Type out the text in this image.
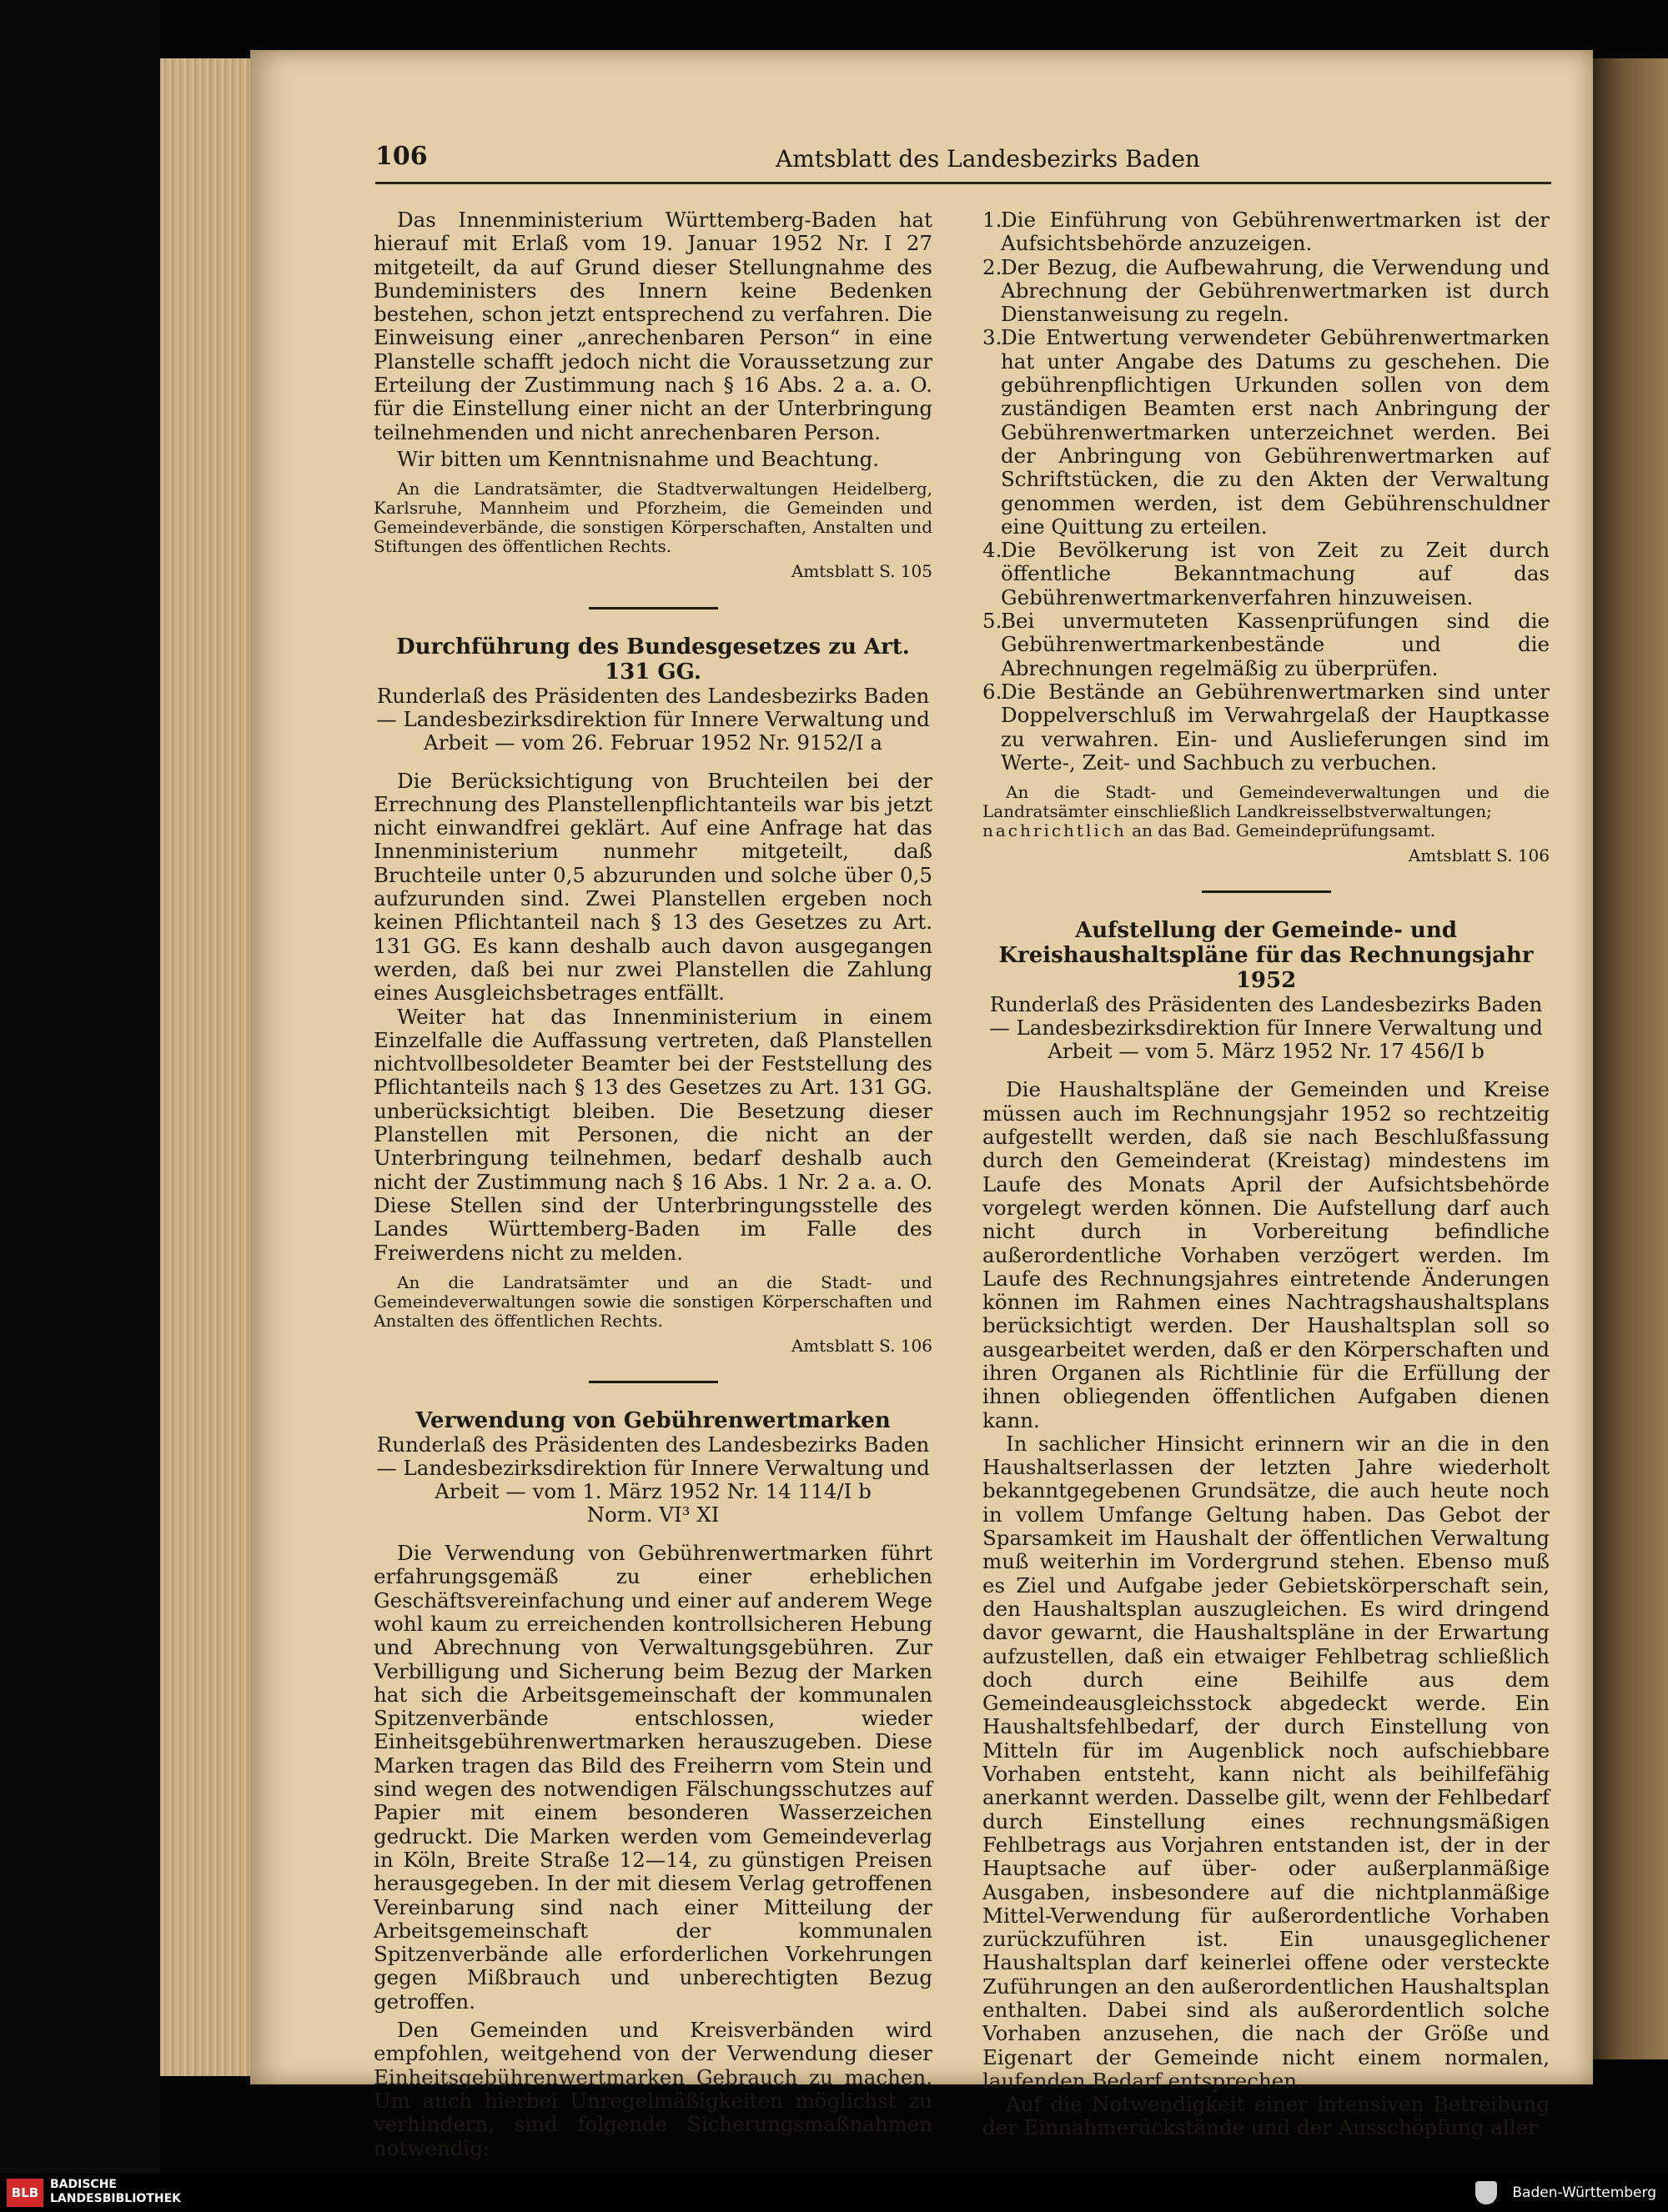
106	Amtsblatt des Landesbezirks Baden

Das Innenministerium Württemberg-Baden hat hierauf mit Erlaß vom 19. Januar 1952 Nr. I 27 mitgeteilt, da auf Grund dieser Stellungnahme des Bundeministers des Innern keine Bedenken bestehen, schon jetzt entsprechend zu verfahren. Die Einweisung einer „anrechenbaren Person“ in eine Planstelle schafft jedoch nicht die Voraussetzung zur Erteilung der Zustimmung nach § 16 Abs. 2 a. a. O. für die Einstellung einer nicht an der Unterbringung teilnehmenden und nicht anrechenbaren Person.

Wir bitten um Kenntnisnahme und Beachtung.

An die Landratsämter, die Stadtverwaltungen Heidelberg, Karlsruhe, Mannheim und Pforzheim, die Gemeinden und Gemeindeverbände, die sonstigen Körperschaften, Anstalten und Stiftungen des öffentlichen Rechts.

Amtsblatt S. 105

Durchführung des Bundesgesetzes zu Art. 131 GG.

Runderlaß des Präsidenten des Landesbezirks Baden — Landesbezirksdirektion für Innere Verwaltung und Arbeit — vom 26. Februar 1952 Nr. 9152/I a

Die Berücksichtigung von Bruchteilen bei der Errechnung des Planstellenpflichtanteils war bis jetzt nicht einwandfrei geklärt. Auf eine Anfrage hat das Innenministerium nunmehr mitgeteilt, daß Bruchteile unter 0,5 abzurunden und solche über 0,5 aufzurunden sind. Zwei Planstellen ergeben noch keinen Pflichtanteil nach § 13 des Gesetzes zu Art. 131 GG. Es kann deshalb auch davon ausgegangen werden, daß bei nur zwei Planstellen die Zahlung eines Ausgleichsbetrages entfällt.

Weiter hat das Innenministerium in einem Einzelfalle die Auffassung vertreten, daß Planstellen nichtvollbesoldeter Beamter bei der Feststellung des Pflichtanteils nach § 13 des Gesetzes zu Art. 131 GG. unberücksichtigt bleiben. Die Besetzung dieser Planstellen mit Personen, die nicht an der Unterbringung teilnehmen, bedarf deshalb auch nicht der Zustimmung nach § 16 Abs. 1 Nr. 2 a. a. O. Diese Stellen sind der Unterbringungsstelle des Landes Württemberg-Baden im Falle des Freiwerdens nicht zu melden.

An die Landratsämter und an die Stadt- und Gemeindeverwaltungen sowie die sonstigen Körperschaften und Anstalten des öffentlichen Rechts.

Amtsblatt S. 106

Verwendung von Gebührenwertmarken

Runderlaß des Präsidenten des Landesbezirks Baden — Landesbezirksdirektion für Innere Verwaltung und Arbeit — vom 1. März 1952 Nr. 14 114/I b

Norm. VI³ XI

Die Verwendung von Gebührenwertmarken führt erfahrungsgemäß zu einer erheblichen Geschäftsvereinfachung und einer auf anderem Wege wohl kaum zu erreichenden kontrollsicheren Hebung und Abrechnung von Verwaltungsgebühren. Zur Verbilligung und Sicherung beim Bezug der Marken hat sich die Arbeitsgemeinschaft der kommunalen Spitzenverbände entschlossen, wieder Einheitsgebührenwertmarken herauszugeben. Diese Marken tragen das Bild des Freiherrn vom Stein und sind wegen des notwendigen Fälschungsschutzes auf Papier mit einem besonderen Wasserzeichen gedruckt. Die Marken werden vom Gemeindeverlag in Köln, Breite Straße 12—14, zu günstigen Preisen herausgegeben. In der mit diesem Verlag getroffenen Vereinbarung sind nach einer Mitteilung der Arbeitsgemeinschaft der kommunalen Spitzenverbände alle erforderlichen Vorkehrungen gegen Mißbrauch und unberechtigten Bezug getroffen.

Den Gemeinden und Kreisverbänden wird empfohlen, weitgehend von der Verwendung dieser Einheitsgebührenwertmarken Gebrauch zu machen. Um auch hierbei Unregelmäßigkeiten möglichst zu verhindern, sind folgende Sicherungsmaßnahmen notwendig:

1.
Die Einführung von Gebührenwertmarken ist der Aufsichtsbehörde anzuzeigen.
2.
Der Bezug, die Aufbewahrung, die Verwendung und Abrechnung der Gebührenwertmarken ist durch Dienstanweisung zu regeln.
3.
Die Entwertung verwendeter Gebührenwertmarken hat unter Angabe des Datums zu geschehen. Die gebührenpflichtigen Urkunden sollen von dem zuständigen Beamten erst nach Anbringung der Gebührenwertmarken unterzeichnet werden. Bei der Anbringung von Gebührenwertmarken auf Schriftstücken, die zu den Akten der Verwaltung genommen werden, ist dem Gebührenschuldner eine Quittung zu erteilen.
4.
Die Bevölkerung ist von Zeit zu Zeit durch öffentliche Bekanntmachung auf das Gebührenwertmarkenverfahren hinzuweisen.
5.
Bei unvermuteten Kassenprüfungen sind die Gebührenwertmarkenbestände und die Abrechnungen regelmäßig zu überprüfen.
6.
Die Bestände an Gebührenwertmarken sind unter Doppelverschluß im Verwahrgelaß der Hauptkasse zu verwahren. Ein- und Auslieferungen sind im Werte-, Zeit- und Sachbuch zu verbuchen.

An die Stadt- und Gemeindeverwaltungen und die Landratsämter einschließlich Landkreisselbstverwaltungen;

nachrichtlich an das Bad. Gemeindeprüfungsamt.

Amtsblatt S. 106

Aufstellung der Gemeinde- und

Kreishaushaltspläne für das Rechnungsjahr 1952

Runderlaß des Präsidenten des Landesbezirks Baden — Landesbezirksdirektion für Innere Verwaltung und Arbeit — vom 5. März 1952 Nr. 17 456/I b

Die Haushaltspläne der Gemeinden und Kreise müssen auch im Rechnungsjahr 1952 so rechtzeitig aufgestellt werden, daß sie nach Beschlußfassung durch den Gemeinderat (Kreistag) mindestens im Laufe des Monats April der Aufsichtsbehörde vorgelegt werden können. Die Aufstellung darf auch nicht durch in Vorbereitung befindliche außerordentliche Vorhaben verzögert werden. Im Laufe des Rechnungsjahres eintretende Änderungen können im Rahmen eines Nachtragshaushaltsplans berücksichtigt werden. Der Haushaltsplan soll so ausgearbeitet werden, daß er den Körperschaften und ihren Organen als Richtlinie für die Erfüllung der ihnen obliegenden öffentlichen Aufgaben dienen kann.

In sachlicher Hinsicht erinnern wir an die in den Haushaltserlassen der letzten Jahre wiederholt bekanntgegebenen Grundsätze, die auch heute noch in vollem Umfange Geltung haben. Das Gebot der Sparsamkeit im Haushalt der öffentlichen Verwaltung muß weiterhin im Vordergrund stehen. Ebenso muß es Ziel und Aufgabe jeder Gebietskörperschaft sein, den Haushaltsplan auszugleichen. Es wird dringend davor gewarnt, die Haushaltspläne in der Erwartung aufzustellen, daß ein etwaiger Fehlbetrag schließlich doch durch eine Beihilfe aus dem Gemeindeausgleichsstock abgedeckt werde. Ein Haushaltsfehlbedarf, der durch Einstellung von Mitteln für im Augenblick noch aufschiebbare Vorhaben entsteht, kann nicht als beihilfefähig anerkannt werden. Dasselbe gilt, wenn der Fehlbedarf durch Einstellung eines rechnungsmäßigen Fehlbetrags aus Vorjahren entstanden ist, der in der Hauptsache auf über- oder außerplanmäßige Ausgaben, insbesondere auf die nichtplanmäßige Mittel-Verwendung für außerordentliche Vorhaben zurückzuführen ist. Ein unausgeglichener Haushaltsplan darf keinerlei offene oder versteckte Zuführungen an den außerordentlichen Haushaltsplan enthalten. Dabei sind als außerordentlich solche Vorhaben anzusehen, die nach der Größe und Eigenart der Gemeinde nicht einem normalen, laufenden Bedarf entsprechen.

Auf die Notwendigkeit einer intensiven Betreibung der Einnahmerückstände und der Ausschöpfung aller

BLB
BADISCHE
LANDESBIBLIOTHEK	Baden-Württemberg
